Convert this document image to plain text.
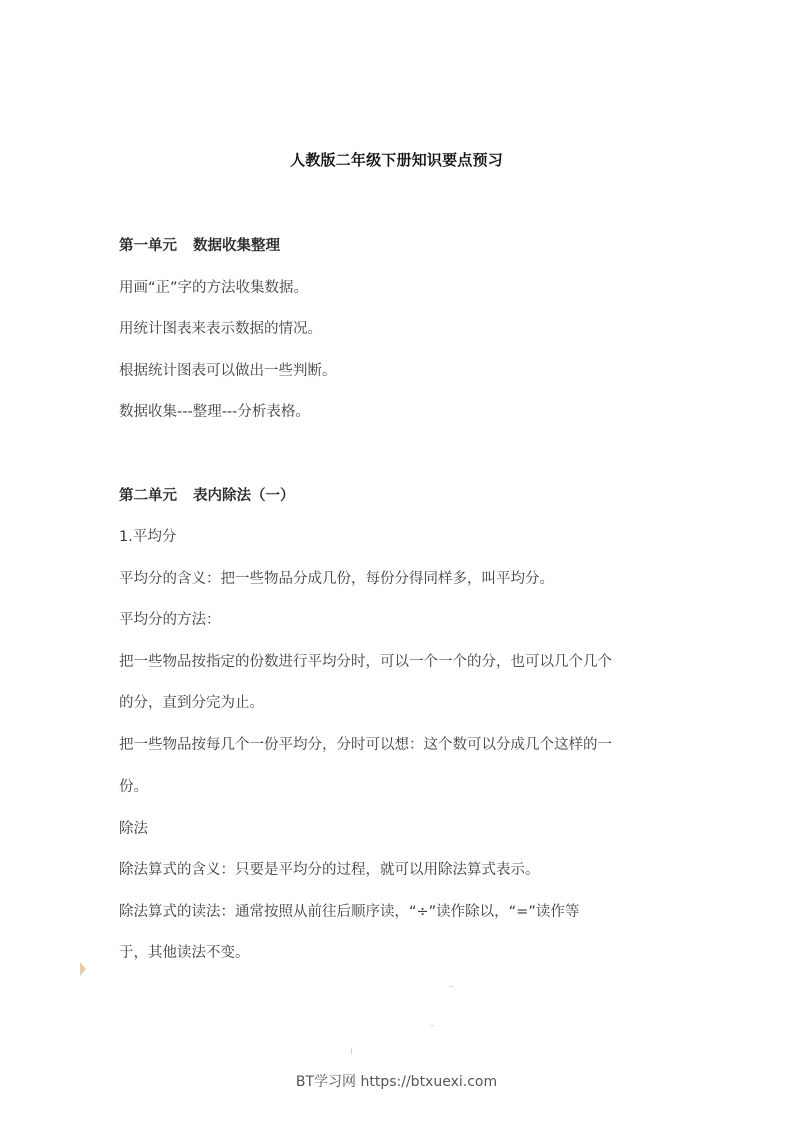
人教版二年级下册知识要点预习
第一单元 数据收集整理
用画“正”字的方法收集数据。
用统计图表来表示数据的情况。
根据统计图表可以做出一些判断。
数据收集---整理---分析表格。
第二单元 表内除法（一）
1.平均分
平均分的含义：把一些物品分成几份，每份分得同样多，叫平均分。
平均分的方法：
把一些物品按指定的份数进行平均分时，可以一个一个的分，也可以几个几个
的分，直到分完为止。
把一些物品按每几个一份平均分，分时可以想：这个数可以分成几个这样的一
份。
除法
除法算式的含义：只要是平均分的过程，就可以用除法算式表示。
除法算式的读法：通常按照从前往后顺序读，“÷”读作除以，“=”读作等
于，其他读法不变。
BT学习网 https://btxuexi.com
